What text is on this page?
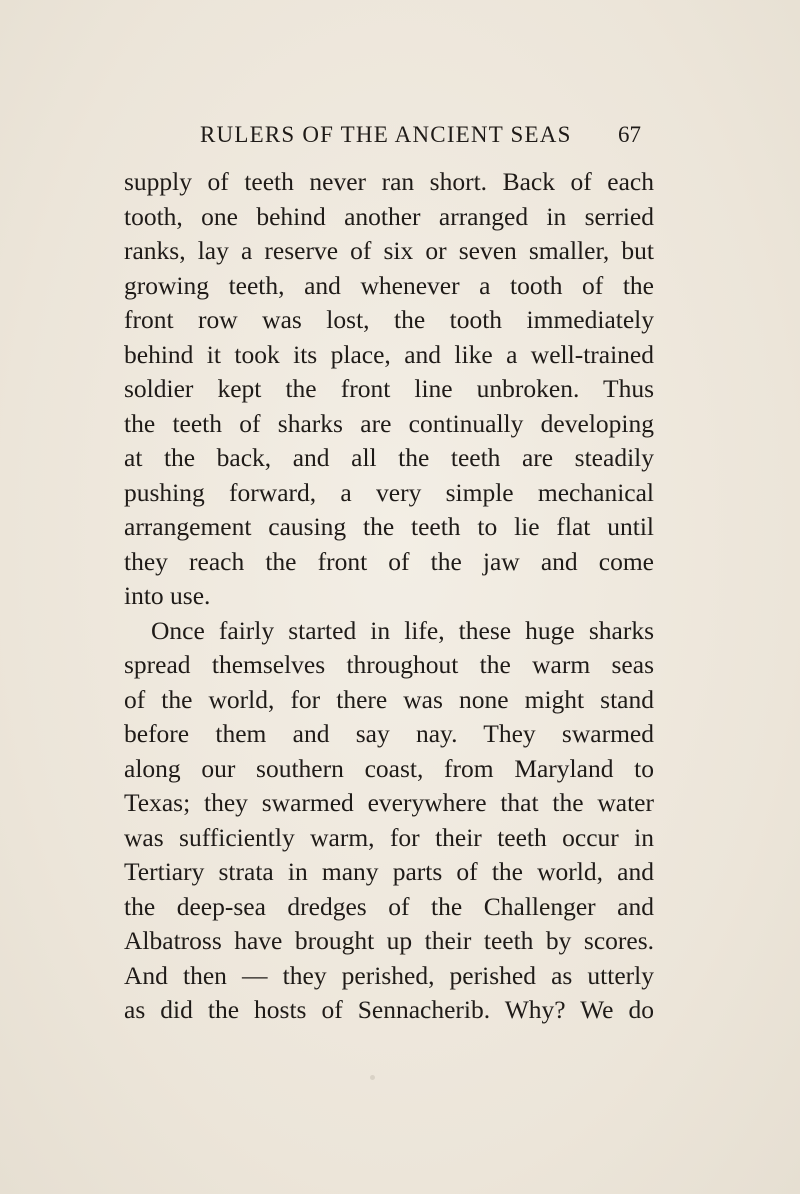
RULERS OF THE ANCIENT SEAS 67
supply of teeth never ran short. Back of each
tooth, one behind another arranged in serried
ranks, lay a reserve of six or seven smaller, but
growing teeth, and whenever a tooth of the
front row was lost, the tooth immediately
behind it took its place, and like a well-trained
soldier kept the front line unbroken. Thus
the teeth of sharks are continually developing
at the back, and all the teeth are steadily
pushing forward, a very simple mechanical
arrangement causing the teeth to lie flat until
they reach the front of the jaw and come
into use.
Once fairly started in life, these huge sharks
spread themselves throughout the warm seas
of the world, for there was none might stand
before them and say nay. They swarmed
along our southern coast, from Maryland to
Texas; they swarmed everywhere that the water
was sufficiently warm, for their teeth occur in
Tertiary strata in many parts of the world, and
the deep-sea dredges of the Challenger and
Albatross have brought up their teeth by scores.
And then — they perished, perished as utterly
as did the hosts of Sennacherib. Why? We do
